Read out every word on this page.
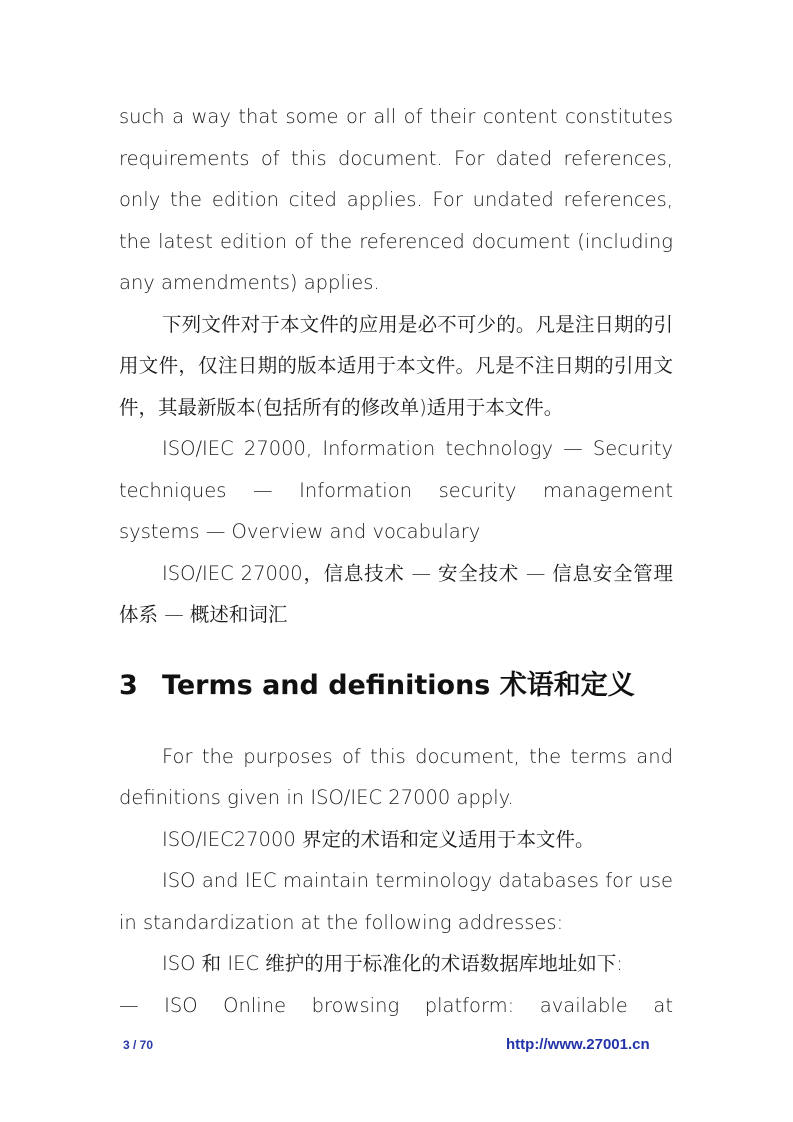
such a way that some or all of their content constitutes requirements of this document. For dated references, only the edition cited applies. For undated references, the latest edition of the referenced document (including any amendments) applies.

下列文件对于本文件的应用是必不可少的。凡是注日期的引用文件，仅注日期的版本适用于本文件。凡是不注日期的引用文件，其最新版本(包括所有的修改单)适用于本文件。

ISO/IEC 27000, Information technology — Security techniques — Information security management systems — Overview and vocabulary

ISO/IEC 27000，信息技术 — 安全技术 — 信息安全管理体系 — 概述和词汇

3 Terms and definitions 术语和定义

For the purposes of this document, the terms and definitions given in ISO/IEC 27000 apply.

ISO/IEC27000 界定的术语和定义适用于本文件。

ISO and IEC maintain terminology databases for use in standardization at the following addresses:

ISO 和 IEC 维护的用于标准化的术语数据库地址如下:

— ISO Online browsing platform: available at

3 / 70	http://www.27001.cn
